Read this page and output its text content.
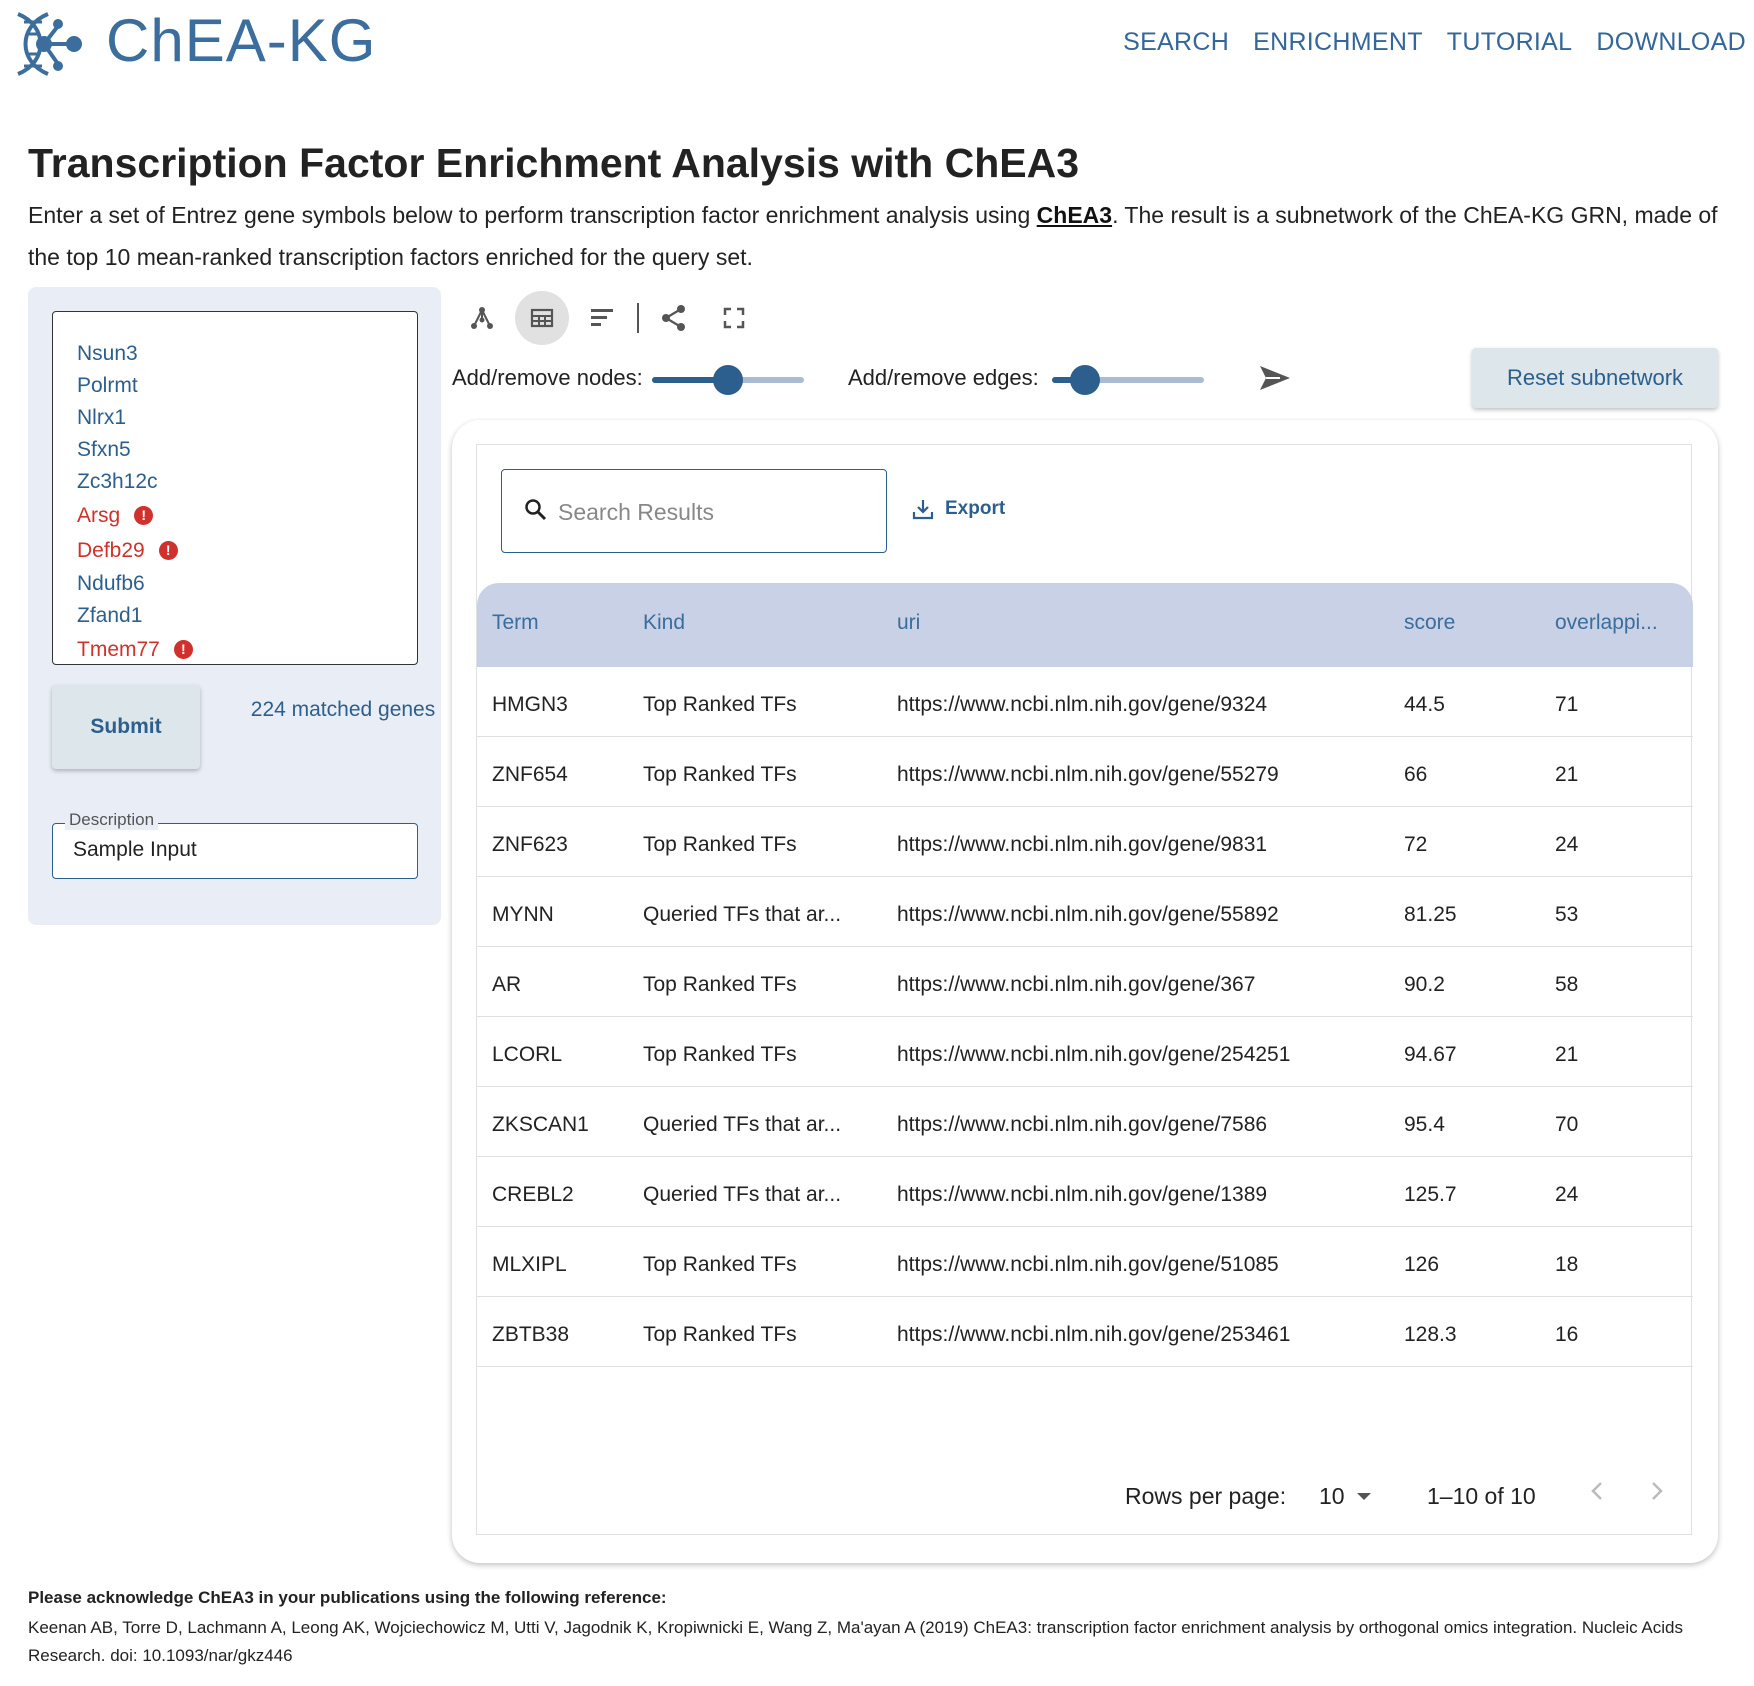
ChEA-KG	SEARCH ENRICHMENT TUTORIAL DOWNLOAD
Transcription Factor Enrichment Analysis with ChEA3

Enter a set of Entrez gene symbols below to perform transcription factor enrichment analysis using ChEA3. The result is a subnetwork of the ChEA-KG GRN, made of the top 10 mean-ranked transcription factors enriched for the query set.

Nsun3
Polrmt
Nlrx1
Sfxn5
Zc3h12c
Arsg	!
Defb29	!
Ndufb6
Zfand1
Tmem77	!
Submit
224 matched genes
Description
Sample Input
Add/remove nodes:	Add/remove edges:	Reset subnetwork
Search Results
Export
Term	Kind	uri	score	overlappi...
HMGN3	Top Ranked TFs	https://www.ncbi.nlm.nih.gov/gene/9324	44.5	71
ZNF654	Top Ranked TFs	https://www.ncbi.nlm.nih.gov/gene/55279	66	21
ZNF623	Top Ranked TFs	https://www.ncbi.nlm.nih.gov/gene/9831	72	24
MYNN	Queried TFs that ar...	https://www.ncbi.nlm.nih.gov/gene/55892	81.25	53
AR	Top Ranked TFs	https://www.ncbi.nlm.nih.gov/gene/367	90.2	58
LCORL	Top Ranked TFs	https://www.ncbi.nlm.nih.gov/gene/254251	94.67	21
ZKSCAN1	Queried TFs that ar...	https://www.ncbi.nlm.nih.gov/gene/7586	95.4	70
CREBL2	Queried TFs that ar...	https://www.ncbi.nlm.nih.gov/gene/1389	125.7	24
MLXIPL	Top Ranked TFs	https://www.ncbi.nlm.nih.gov/gene/51085	126	18
ZBTB38	Top Ranked TFs	https://www.ncbi.nlm.nih.gov/gene/253461	128.3	16
Rows per page: 10	1–10 of 10
Please acknowledge ChEA3 in your publications using the following reference:
Keenan AB, Torre D, Lachmann A, Leong AK, Wojciechowicz M, Utti V, Jagodnik K, Kropiwnicki E, Wang Z, Ma'ayan A (2019) ChEA3: transcription factor enrichment analysis by orthogonal omics integration. Nucleic Acids Research. doi: 10.1093/nar/gkz446
